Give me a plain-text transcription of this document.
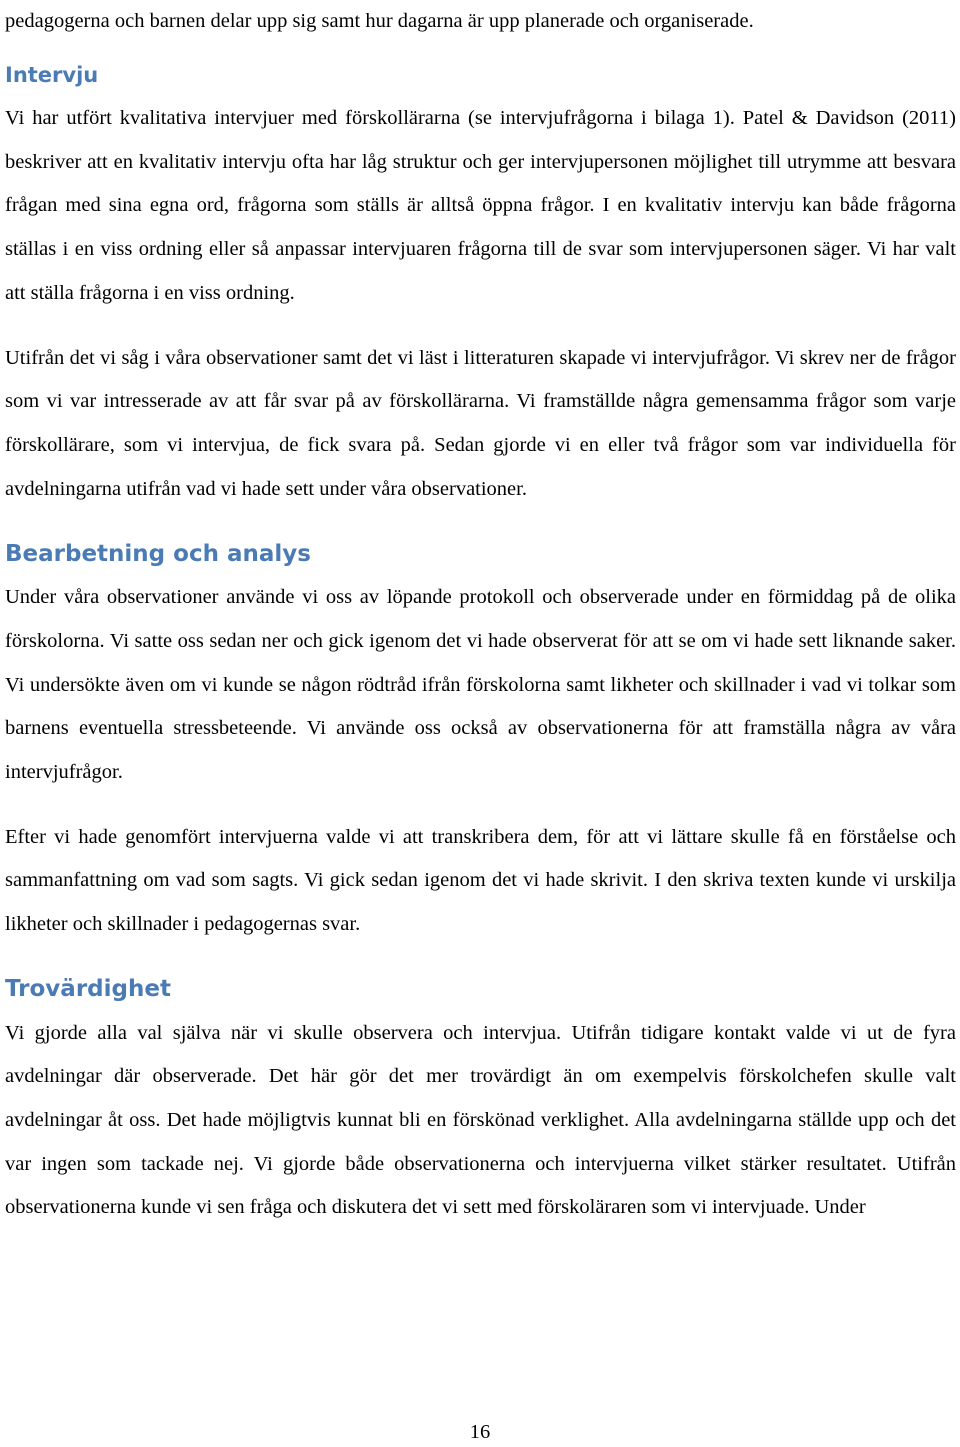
pedagogerna och barnen delar upp sig samt hur dagarna är upp planerade och organiserade.

Intervju

Vi har utfört kvalitativa intervjuer med förskollärarna (se intervjufrågorna i bilaga 1). Patel & Davidson (2011) beskriver att en kvalitativ intervju ofta har låg struktur och ger intervjupersonen möjlighet till utrymme att besvara frågan med sina egna ord, frågorna som ställs är alltså öppna frågor. I en kvalitativ intervju kan både frågorna ställas i en viss ordning eller så anpassar intervjuaren frågorna till de svar som intervjupersonen säger. Vi har valt att ställa frågorna i en viss ordning.

Utifrån det vi såg i våra observationer samt det vi läst i litteraturen skapade vi intervjufrågor. Vi skrev ner de frågor som vi var intresserade av att får svar på av förskollärarna. Vi framställde några gemensamma frågor som varje förskollärare, som vi intervjua, de fick svara på. Sedan gjorde vi en eller två frågor som var individuella för avdelningarna utifrån vad vi hade sett under våra observationer.

Bearbetning och analys

Under våra observationer använde vi oss av löpande protokoll och observerade under en förmiddag på de olika förskolorna. Vi satte oss sedan ner och gick igenom det vi hade observerat för att se om vi hade sett liknande saker. Vi undersökte även om vi kunde se någon rödtråd ifrån förskolorna samt likheter och skillnader i vad vi tolkar som barnens eventuella stressbeteende. Vi använde oss också av observationerna för att framställa några av våra intervjufrågor.

Efter vi hade genomfört intervjuerna valde vi att transkribera dem, för att vi lättare skulle få en förståelse och sammanfattning om vad som sagts. Vi gick sedan igenom det vi hade skrivit. I den skriva texten kunde vi urskilja likheter och skillnader i pedagogernas svar.

Trovärdighet

Vi gjorde alla val själva när vi skulle observera och intervjua. Utifrån tidigare kontakt valde vi ut de fyra avdelningar där observerade. Det här gör det mer trovärdigt än om exempelvis förskolchefen skulle valt avdelningar åt oss. Det hade möjligtvis kunnat bli en förskönad verklighet. Alla avdelningarna ställde upp och det var ingen som tackade nej. Vi gjorde både observationerna och intervjuerna vilket stärker resultatet. Utifrån observationerna kunde vi sen fråga och diskutera det vi sett med förskoläraren som vi intervjuade. Under

16
